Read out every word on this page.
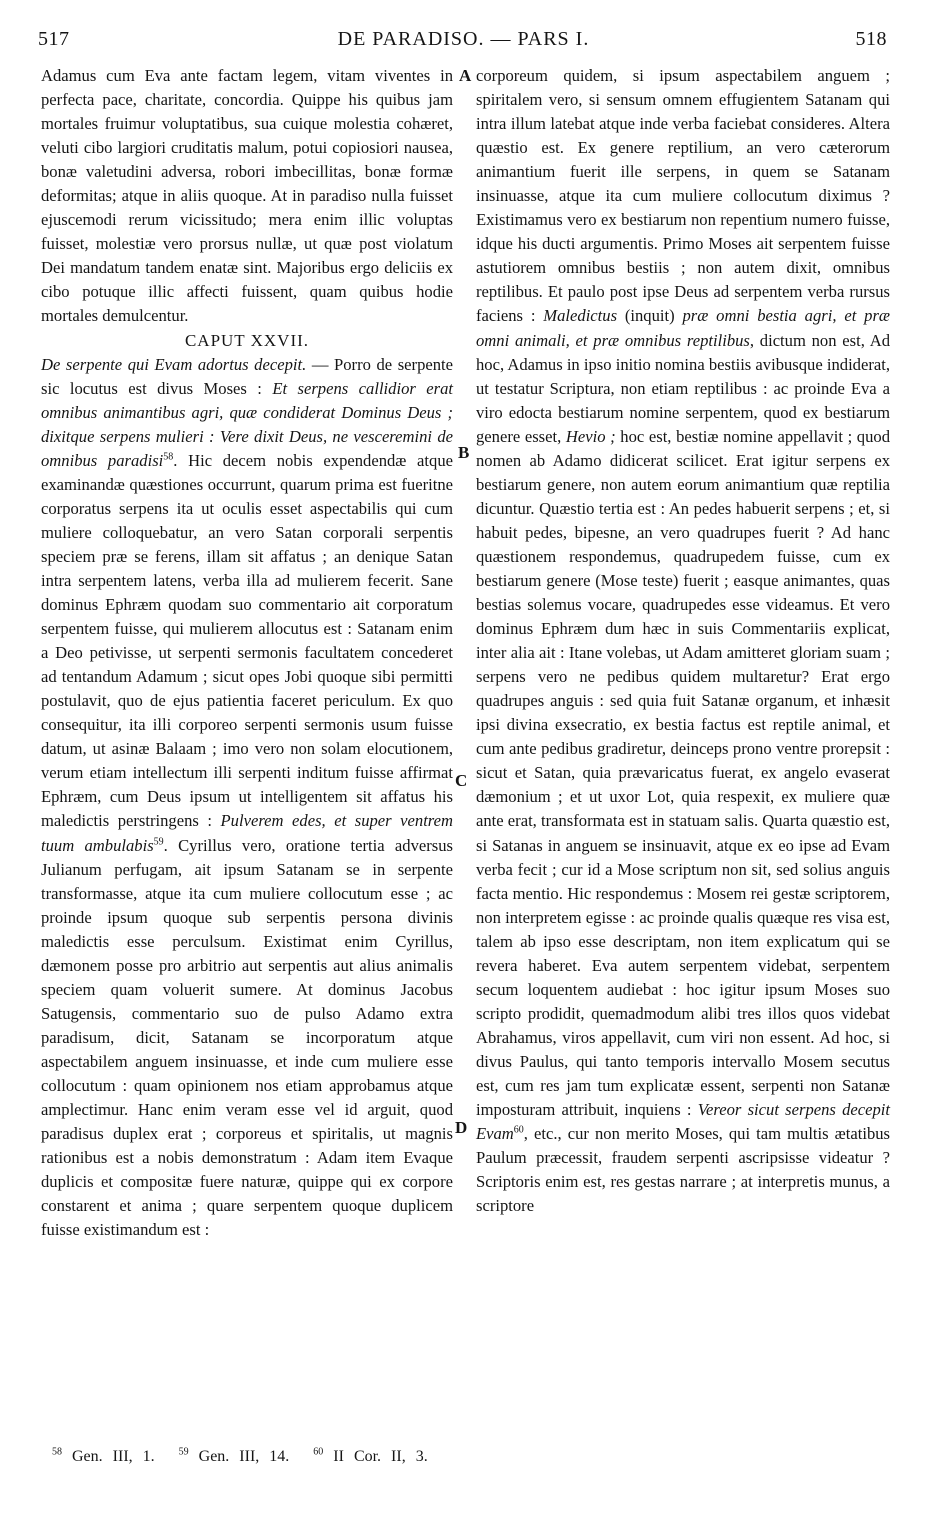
517	DE PARADISO. — PARS I.	518

Adamus cum Eva ante factam legem, vitam viventes in perfecta pace, charitate, concordia. Quippe his quibus jam mortales fruimur voluptatibus, sua cuique molestia cohæret, veluti cibo largiori cruditatis malum, potui copiosiori nausea, bonæ valetudini adversa, robori imbecillitas, bonæ formæ deformitas; atque in aliis quoque. At in paradiso nulla fuisset ejuscemodi rerum vicissitudo; mera enim illic voluptas fuisset, molestiæ vero prorsus nullæ, ut quæ post violatum Dei mandatum tandem enatæ sint. Majoribus ergo deliciis ex cibo potuque illic affecti fuissent, quam quibus hodie mortales demulcentur.

CAPUT XXVII.

De serpente qui Evam adortus decepit. — Porro de serpente sic locutus est divus Moses : Et serpens callidior erat omnibus animantibus agri, quæ condiderat Dominus Deus ; dixitque serpens mulieri : Vere dixit Deus, ne vesceremini de omnibus paradisi$^{58}$. Hic decem nobis expendendæ atque examinandæ quæstiones occurrunt, quarum prima est fueritne corporatus serpens ita ut oculis esset aspectabilis qui cum muliere colloquebatur, an vero Satan corporali serpentis speciem præ se ferens, illam sit affatus ; an denique Satan intra serpentem latens, verba illa ad mulierem fecerit. Sane dominus Ephræm quodam suo commentario ait corporatum serpentem fuisse, qui mulierem allocutus est : Satanam enim a Deo petivisse, ut serpenti sermonis facultatem concederet ad tentandum Adamum ; sicut opes Jobi quoque sibi permitti postulavit, quo de ejus patientia faceret periculum. Ex quo consequitur, ita illi corporeo serpenti sermonis usum fuisse datum, ut asinæ Balaam ; imo vero non solam elocutionem, verum etiam intellectum illi serpenti inditum fuisse affirmat Ephræm, cum Deus ipsum ut intelligentem sit affatus his maledictis perstringens : Pulverem edes, et super ventrem tuum ambulabis$^{59}$. Cyrillus vero, oratione tertia adversus Julianum perfugam, ait ipsum Satanam se in serpente transformasse, atque ita cum muliere collocutum esse ; ac proinde ipsum quoque sub serpentis persona divinis maledictis esse perculsum. Existimat enim Cyrillus, dæmonem posse pro arbitrio aut serpentis aut alius animalis speciem quam voluerit sumere. At dominus Jacobus Satugensis, commentario suo de pulso Adamo extra paradisum, dicit, Satanam se incorporatum atque aspectabilem anguem insinuasse, et inde cum muliere esse collocutum : quam opinionem nos etiam approbamus atque amplectimur. Hanc enim veram esse vel id arguit, quod paradisus duplex erat ; corporeus et spiritalis, ut magnis rationibus est a nobis demonstratum : Adam item Evaque duplicis et compositæ fuere naturæ, quippe qui ex corpore constarent et anima ; quare serpentem quoque duplicem fuisse existimandum est :

corporeum quidem, si ipsum aspectabilem anguem ; spiritalem vero, si sensum omnem effugientem Satanam qui intra illum latebat atque inde verba faciebat consideres. Altera quæstio est. Ex genere reptilium, an vero cæterorum animantium fuerit ille serpens, in quem se Satanam insinuasse, atque ita cum muliere collocutum diximus ? Existimamus vero ex bestiarum non repentium numero fuisse, idque his ducti argumentis. Primo Moses ait serpentem fuisse astutiorem omnibus bestiis ; non autem dixit, omnibus reptilibus. Et paulo post ipse Deus ad serpentem verba rursus faciens : Maledictus (inquit) præ omni bestia agri, et præ omni animali, et præ omnibus reptilibus, dictum non est, Ad hoc, Adamus in ipso initio nomina bestiis avibusque indiderat, ut testatur Scriptura, non etiam reptilibus : ac proinde Eva a viro edocta bestiarum nomine serpentem, quod ex bestiarum genere esset, Hevio ; hoc est, bestiæ nomine appellavit ; quod nomen ab Adamo didicerat scilicet. Erat igitur serpens ex bestiarum genere, non autem eorum animantium quæ reptilia dicuntur. Quæstio tertia est : An pedes habuerit serpens ; et, si habuit pedes, bipesne, an vero quadrupes fuerit ? Ad hanc quæstionem respondemus, quadrupedem fuisse, cum ex bestiarum genere (Mose teste) fuerit ; easque animantes, quas bestias solemus vocare, quadrupedes esse videamus. Et vero dominus Ephræm dum hæc in suis Commentariis explicat, inter alia ait : Itane volebas, ut Adam amitteret gloriam suam ; serpens vero ne pedibus quidem multaretur? Erat ergo quadrupes anguis : sed quia fuit Satanæ organum, et inhæsit ipsi divina exsecratio, ex bestia factus est reptile animal, et cum ante pedibus gradiretur, deinceps prono ventre prorepsit : sicut et Satan, quia prævaricatus fuerat, ex angelo evaserat dæmonium ; et ut uxor Lot, quia respexit, ex muliere quæ ante erat, transformata est in statuam salis. Quarta quæstio est, si Satanas in anguem se insinuavit, atque ex eo ipse ad Evam verba fecit ; cur id a Mose scriptum non sit, sed solius anguis facta mentio. Hic respondemus : Mosem rei gestæ scriptorem, non interpretem egisse : ac proinde qualis quæque res visa est, talem ab ipso esse descriptam, non item explicatum qui se revera haberet. Eva autem serpentem videbat, serpentem secum loquentem audiebat : hoc igitur ipsum Moses suo scripto prodidit, quemadmodum alibi tres illos quos videbat Abrahamus, viros appellavit, cum viri non essent. Ad hoc, si divus Paulus, qui tanto temporis intervallo Mosem secutus est, cum res jam tum explicatæ essent, serpenti non Satanæ imposturam attribuit, inquiens : Vereor sicut serpens decepit Evam$^{60}$, etc., cur non merito Moses, qui tam multis ætatibus Paulum præcessit, fraudem serpenti ascripsisse videatur ? Scriptoris enim est, res gestas narrare ; at interpretis munus, a scriptore

A
B
C
D
$^{58}$ Gen. III, 1. $^{59}$ Gen. III, 14. $^{60}$ II Cor. II, 3.
